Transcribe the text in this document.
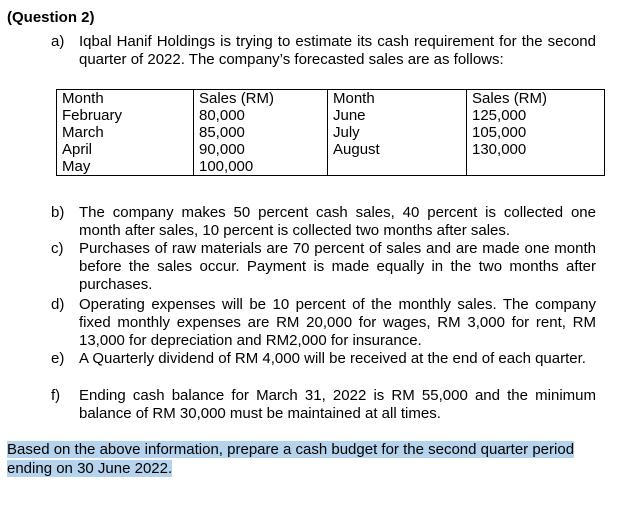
(Question 2)
a) Iqbal Hanif Holdings is trying to estimate its cash requirement for the second quarter of 2022. The company’s forecasted sales are as follows:
Month	Sales (RM)	Month	Sales (RM)
February	80,000	June	125,000
March	85,000	July	105,000
April	90,000	August	130,000
May	100,000		
b) The company makes 50 percent cash sales, 40 percent is collected one month after sales, 10 percent is collected two months after sales.
c) Purchases of raw materials are 70 percent of sales and are made one month before the sales occur. Payment is made equally in the two months after purchases.
d) Operating expenses will be 10 percent of the monthly sales. The company fixed monthly expenses are RM 20,000 for wages, RM 3,000 for rent, RM 13,000 for depreciation and RM2,000 for insurance.
e) A Quarterly dividend of RM 4,000 will be received at the end of each quarter.
f) Ending cash balance for March 31, 2022 is RM 55,000 and the minimum balance of RM 30,000 must be maintained at all times.
Based on the above information, prepare a cash budget for the second quarter period ending on 30 June 2022.
